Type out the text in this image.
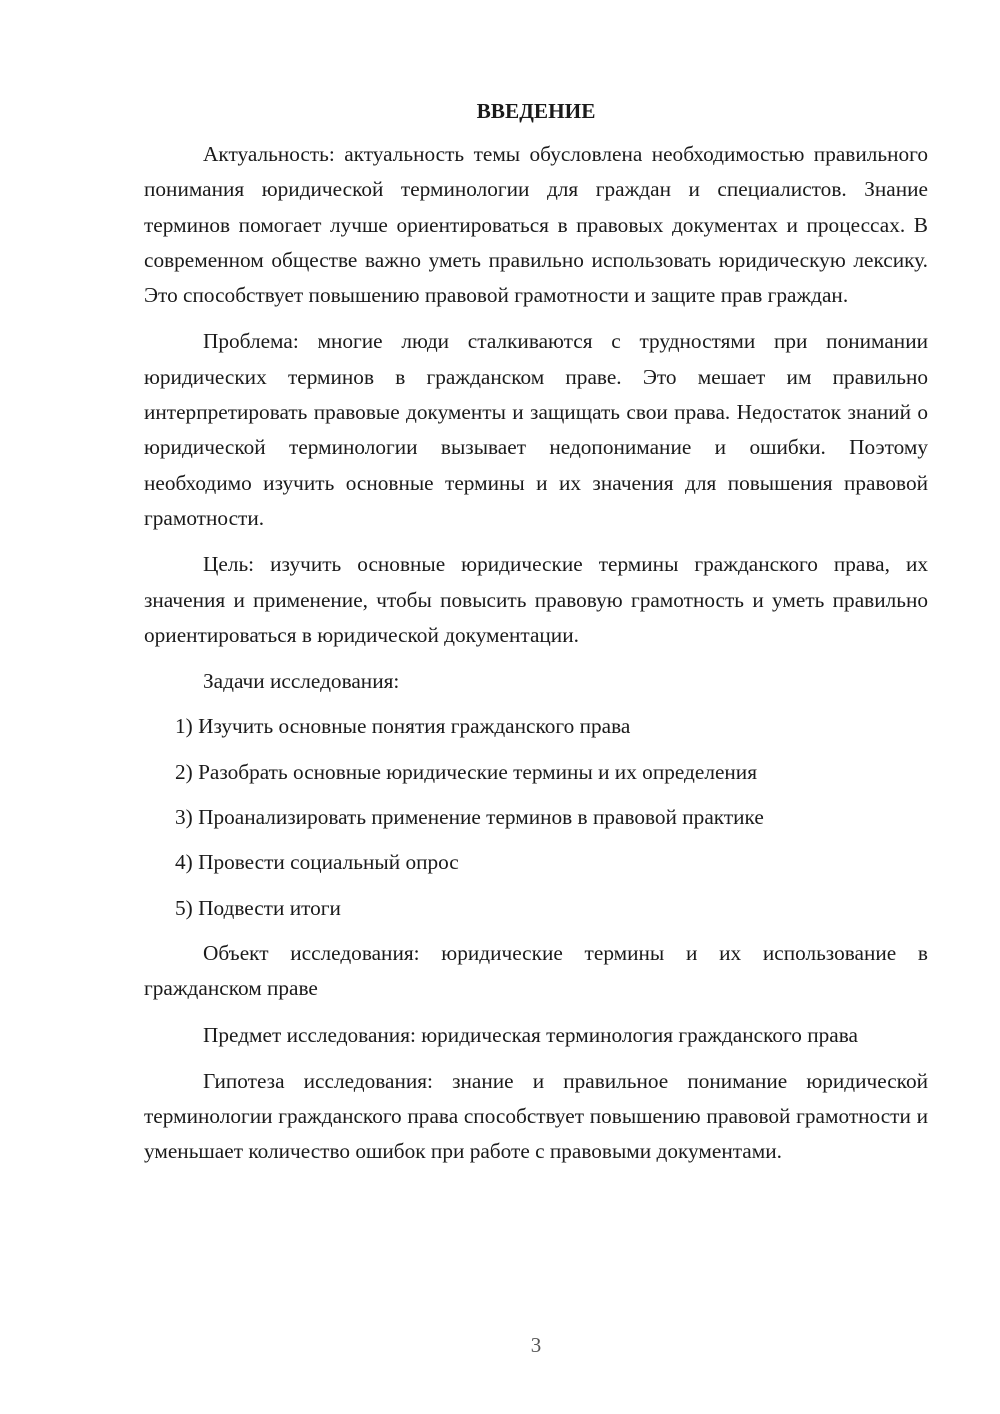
ВВЕДЕНИЕ

Актуальность: актуальность темы обусловлена необходимостью правильного понимания юридической терминологии для граждан и специалистов. Знание терминов помогает лучше ориентироваться в правовых документах и процессах. В современном обществе важно уметь правильно использовать юридическую лексику. Это способствует повышению правовой грамотности и защите прав граждан.

Проблема: многие люди сталкиваются с трудностями при понимании юридических терминов в гражданском праве. Это мешает им правильно интерпретировать правовые документы и защищать свои права. Недостаток знаний о юридической терминологии вызывает недопонимание и ошибки. Поэтому необходимо изучить основные термины и их значения для повышения правовой грамотности.

Цель: изучить основные юридические термины гражданского права, их значения и применение, чтобы повысить правовую грамотность и уметь правильно ориентироваться в юридической документации.

Задачи исследования:

1) Изучить основные понятия гражданского права
2) Разобрать основные юридические термины и их определения
3) Проанализировать применение терминов в правовой практике
4) Провести социальный опрос
5) Подвести итоги

Объект исследования: юридические термины и их использование в гражданском праве

Предмет исследования: юридическая терминология гражданского права

Гипотеза исследования: знание и правильное понимание юридической терминологии гражданского права способствует повышению правовой грамотности и уменьшает количество ошибок при работе с правовыми документами.

3
